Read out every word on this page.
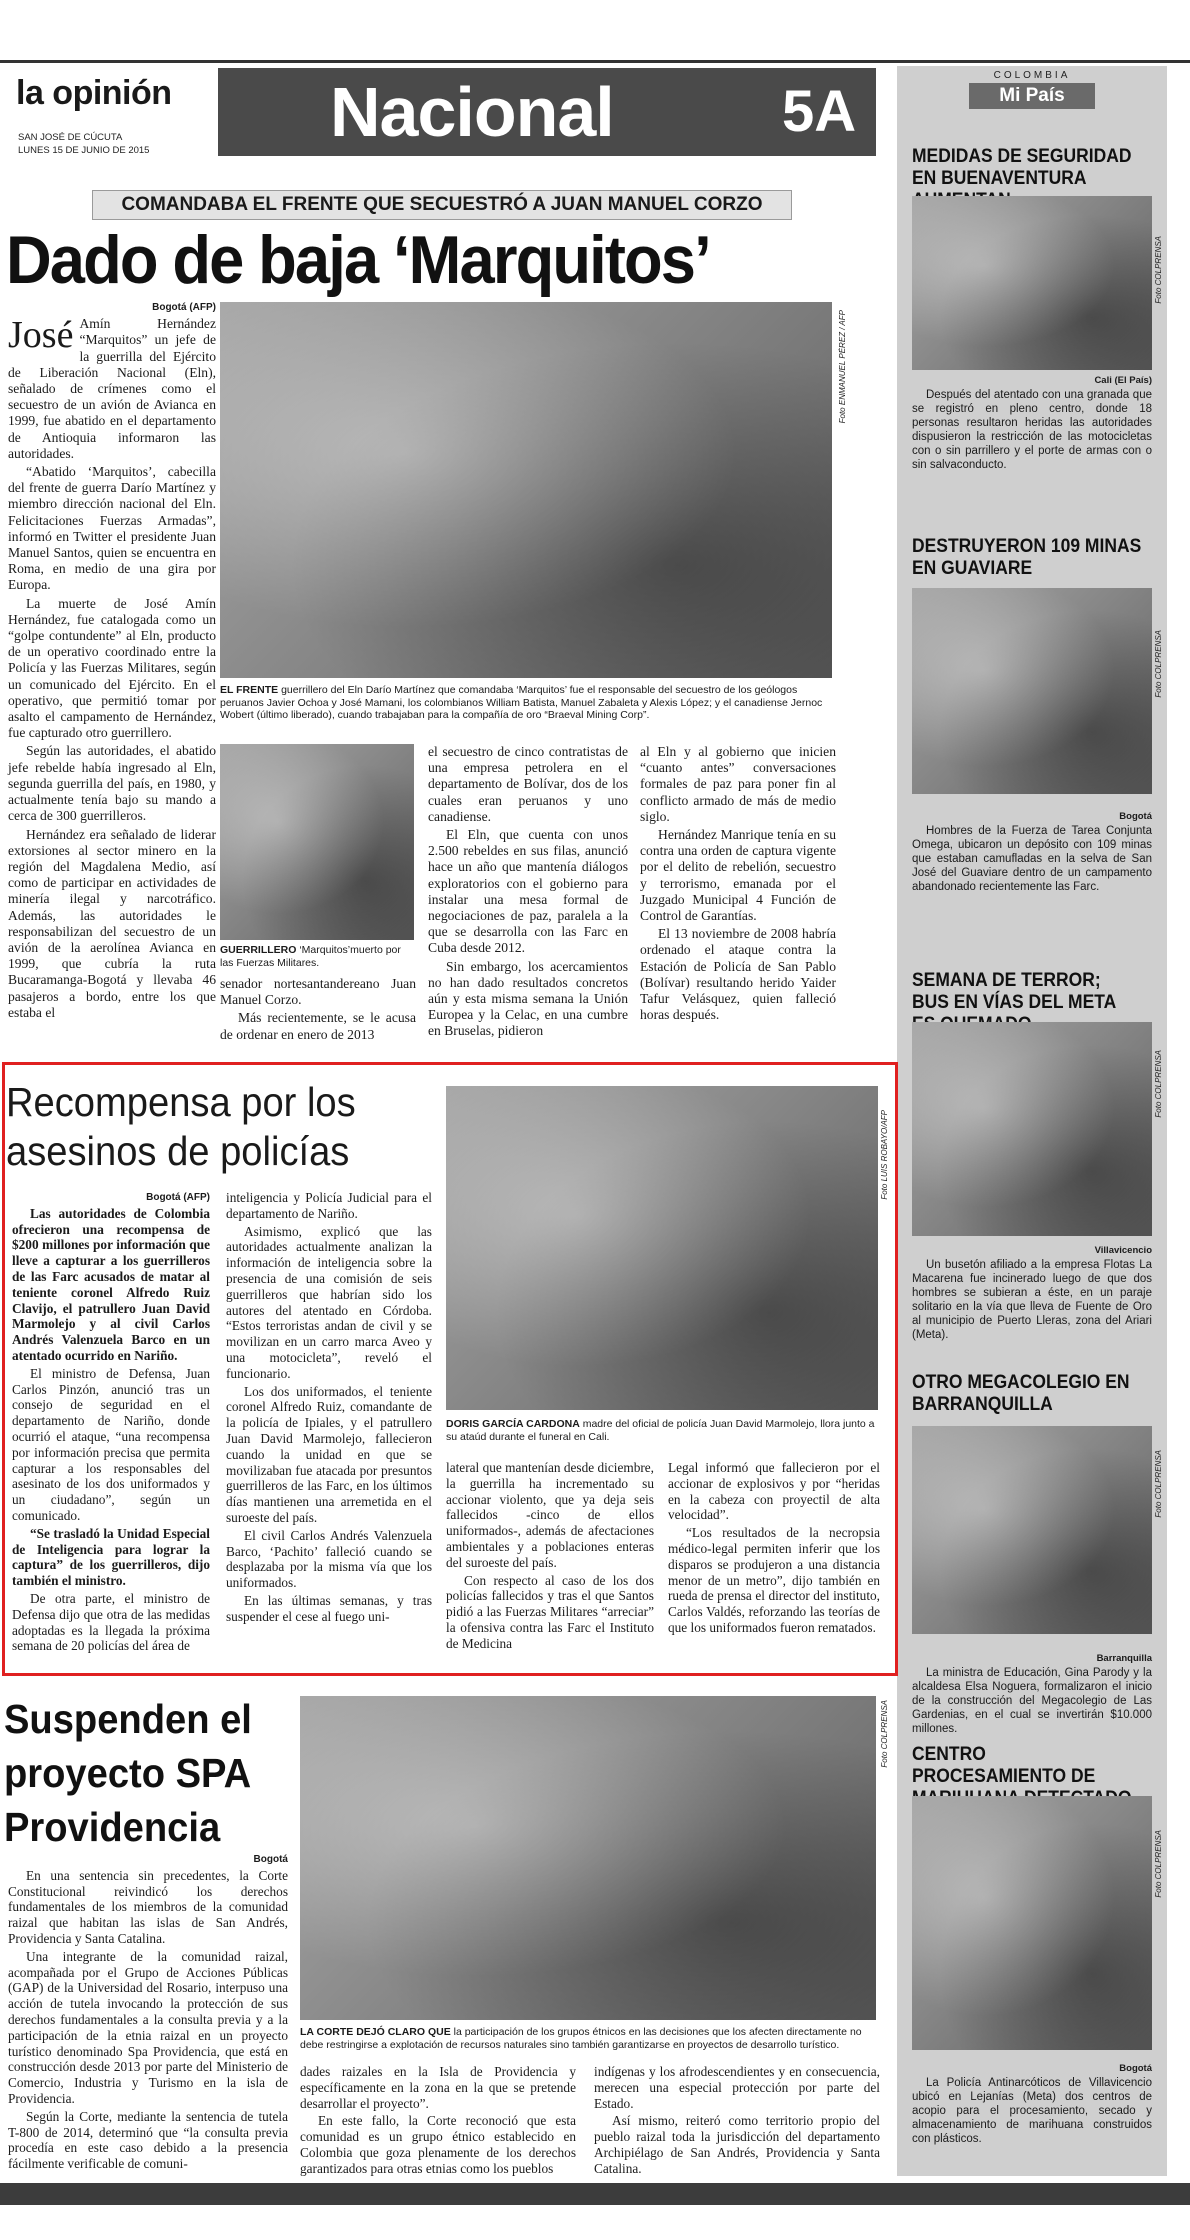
la opinión
SAN JOSÉ DE CÚCUTA
LUNES 15 DE JUNIO DE 2015	Nacional	5A
COLOMBIA
Mi País
MEDIDAS DE SEGURIDAD EN BUENAVENTURA
Foto COLPRENSA
Cali (El País)

Después del atentado con una granada que se registró en pleno centro, donde 18 personas resultaron heridas las autoridades dispusieron la restricción de las motocicletas con o sin parrillero y el porte de armas con o sin salvaconducto.

DESTRUYERON 109 MINAS EN GUAVIARE
Foto COLPRENSA
Bogotá

Hombres de la Fuerza de Tarea Conjunta Omega, ubicaron un depósito con 109 minas que estaban camufladas en la selva de San José del Guaviare dentro de un campamento abandonado recientemente las Farc.

SEMANA DE TERROR; BUS EN VÍAS DEL META
Foto COLPRENSA
Villavicencio

Un busetón afiliado a la empresa Flotas La Macarena fue incinerado luego de que dos hombres se subieran a éste, en un paraje solitario en la vía que lleva de Fuente de Oro al municipio de Puerto Lleras, zona del Ariari (Meta).

OTRO MEGACOLEGIO EN BARRANQUILLA
Foto COLPRENSA
Barranquilla

La ministra de Educación, Gina Parody y la alcaldesa Elsa Noguera, formalizaron el inicio de la construcción del Megacolegio de Las Gardenias, en el cual se invertirán $10.000 millones.

CENTRO PROCESAMIENTO DE
Foto COLPRENSA
Bogotá

La Policía Antinarcóticos de Villavicencio ubicó en Lejanías (Meta) dos centros de acopio para el procesamiento, secado y almacenamiento de marihuana construidos con plásticos.

COMANDABA EL FRENTE QUE SECUESTRÓ A JUAN MANUEL CORZO
Dado de baja ‘Marquitos’
Bogotá (AFP)

José Amín Hernández “Marquitos” un jefe de la guerrilla del Ejército de Liberación Nacional (Eln), señalado de crímenes como el secuestro de un avión de Avianca en 1999, fue abatido en el departamento de Antioquia informaron las autoridades.

“Abatido ‘Marquitos’, cabecilla del frente de guerra Darío Martínez y miembro dirección nacional del Eln. Felicitaciones Fuerzas Armadas”, informó en Twitter el presidente Juan Manuel Santos, quien se encuentra en Roma, en medio de una gira por Europa.

La muerte de José Amín Hernández, fue catalogada como un “golpe contundente” al Eln, producto de un operativo coordinado entre la Policía y las Fuerzas Militares, según un comunicado del Ejército. En el operativo, que permitió tomar por asalto el campamento de Hernández, fue capturado otro guerrillero.

Según las autoridades, el abatido jefe rebelde había ingresado al Eln, segunda guerrilla del país, en 1980, y actualmente tenía bajo su mando a cerca de 300 guerrilleros.

Hernández era señalado de liderar extorsiones al sector minero en la región del Magdalena Medio, así como de participar en actividades de minería ilegal y narcotráfico. Además, las autoridades le responsabilizan del secuestro de un avión de la aerolínea Avianca en 1999, que cubría la ruta Bucaramanga-Bogotá y llevaba 46 pasajeros a bordo, entre los que estaba el

Foto ENMANUEL PÉREZ / AFP
EL FRENTE guerrillero del Eln Darío Martínez que comandaba ‘Marquitos’ fue el responsable del secuestro de los geólogos peruanos Javier Ochoa y José Mamani, los colombianos William Batista, Manuel Zabaleta y Alexis López; y el canadiense Jernoc Wobert (último liberado), cuando trabajaban para la compañía de oro “Braeval Mining Corp”.
GUERRILLERO ‘Marquitos’muerto por las Fuerzas Militares.

senador nortesantandereano Juan Manuel Corzo.

Más recientemente, se le acusa de ordenar en enero de 2013

el secuestro de cinco contratistas de una empresa petrolera en el departamento de Bolívar, dos de los cuales eran peruanos y uno canadiense.

El Eln, que cuenta con unos 2.500 rebeldes en sus filas, anunció hace un año que mantenía diálogos exploratorios con el gobierno para instalar una mesa formal de negociaciones de paz, paralela a la que se desarrolla con las Farc en Cuba desde 2012.

Sin embargo, los acercamientos no han dado resultados concretos aún y esta misma semana la Unión Europea y la Celac, en una cumbre en Bruselas, pidieron

al Eln y al gobierno que inicien “cuanto antes” conversaciones formales de paz para poner fin al conflicto armado de más de medio siglo.

Hernández Manrique tenía en su contra una orden de captura vigente por el delito de rebelión, secuestro y terrorismo, emanada por el Juzgado Municipal 4 Función de Control de Garantías.

El 13 noviembre de 2008 habría ordenado el ataque contra la Estación de Policía de San Pablo (Bolívar) resultando herido Yaider Tafur Velásquez, quien falleció horas después.

Recompensa por los asesinos de policías
Bogotá (AFP)

Las autoridades de Colombia ofrecieron una recompensa de $200 millones por información que lleve a capturar a los guerrilleros de las Farc acusados de matar al teniente coronel Alfredo Ruiz Clavijo, el patrullero Juan David Marmolejo y al civil Carlos Andrés Valenzuela Barco en un atentado ocurrido en Nariño.

El ministro de Defensa, Juan Carlos Pinzón, anunció tras un consejo de seguridad en el departamento de Nariño, donde ocurrió el ataque, “una recompensa por información precisa que permita capturar a los responsables del asesinato de los dos uniformados y un ciudadano”, según un comunicado.

“Se trasladó la Unidad Especial de Inteligencia para lograr la captura” de los guerrilleros, dijo también el ministro.

De otra parte, el ministro de Defensa dijo que otra de las medidas adoptadas es la llegada la próxima semana de 20 policías del área de

inteligencia y Policía Judicial para el departamento de Nariño.

Asimismo, explicó que las autoridades actualmente analizan la información de inteligencia sobre la presencia de una comisión de seis guerrilleros que habrían sido los autores del atentado en Córdoba. “Estos terroristas andan de civil y se movilizan en un carro marca Aveo y una motocicleta”, reveló el funcionario.

Los dos uniformados, el teniente coronel Alfredo Ruiz, comandante de la policía de Ipiales, y el patrullero Juan David Marmolejo, fallecieron cuando la unidad en que se movilizaban fue atacada por presuntos guerrilleros de las Farc, en los últimos días mantienen una arremetida en el suroeste del país.

El civil Carlos Andrés Valenzuela Barco, ‘Pachito’ falleció cuando se desplazaba por la misma vía que los uniformados.

En las últimas semanas, y tras suspender el cese al fuego uni-

Foto LUIS ROBAYO/AFP
DORIS GARCÍA CARDONA madre del oficial de policía Juan David Marmolejo, llora junto a su ataúd durante el funeral en Cali.

lateral que mantenían desde diciembre, la guerrilla ha incrementado su accionar violento, que ya deja seis fallecidos -cinco de ellos uniformados-, además de afectaciones ambientales y a poblaciones enteras del suroeste del país.

Con respecto al caso de los dos policías fallecidos y tras el que Santos pidió a las Fuerzas Militares “arreciar” la ofensiva contra las Farc el Instituto de Medicina

Legal informó que fallecieron por el accionar de explosivos y por “heridas en la cabeza con proyectil de alta velocidad”.

“Los resultados de la necropsia médico-legal permiten inferir que los disparos se produjeron a una distancia menor de un metro”, dijo también en rueda de prensa el director del instituto, Carlos Valdés, reforzando las teorías de que los uniformados fueron rematados.

Suspenden el proyecto SPA Providencia
Bogotá

En una sentencia sin precedentes, la Corte Constitucional reivindicó los derechos fundamentales de los miembros de la comunidad raizal que habitan las islas de San Andrés, Providencia y Santa Catalina.

Una integrante de la comunidad raizal, acompañada por el Grupo de Acciones Públicas (GAP) de la Universidad del Rosario, interpuso una acción de tutela invocando la protección de sus derechos fundamentales a la consulta previa y a la participación de la etnia raizal en un proyecto turístico denominado Spa Providencia, que está en construcción desde 2013 por parte del Ministerio de Comercio, Industria y Turismo en la isla de Providencia.

Según la Corte, mediante la sentencia de tutela T-800 de 2014, determinó que “la consulta previa procedía en este caso debido a la presencia fácilmente verificable de comuni-

Foto COLPRENSA
LA CORTE DEJÓ CLARO QUE la participación de los grupos étnicos en las decisiones que los afecten directamente no debe restringirse a explotación de recursos naturales sino también garantizarse en proyectos de desarrollo turístico.

dades raizales en la Isla de Providencia y específicamente en la zona en la que se pretende desarrollar el proyecto”.

En este fallo, la Corte reconoció que esta comunidad es un grupo étnico establecido en Colombia que goza plenamente de los derechos garantizados para otras etnias como los pueblos

indígenas y los afrodescendientes y en consecuencia, merecen una especial protección por parte del Estado.

Así mismo, reiteró como territorio propio del pueblo raizal toda la jurisdicción del departamento Archipiélago de San Andrés, Providencia y Santa Catalina.
